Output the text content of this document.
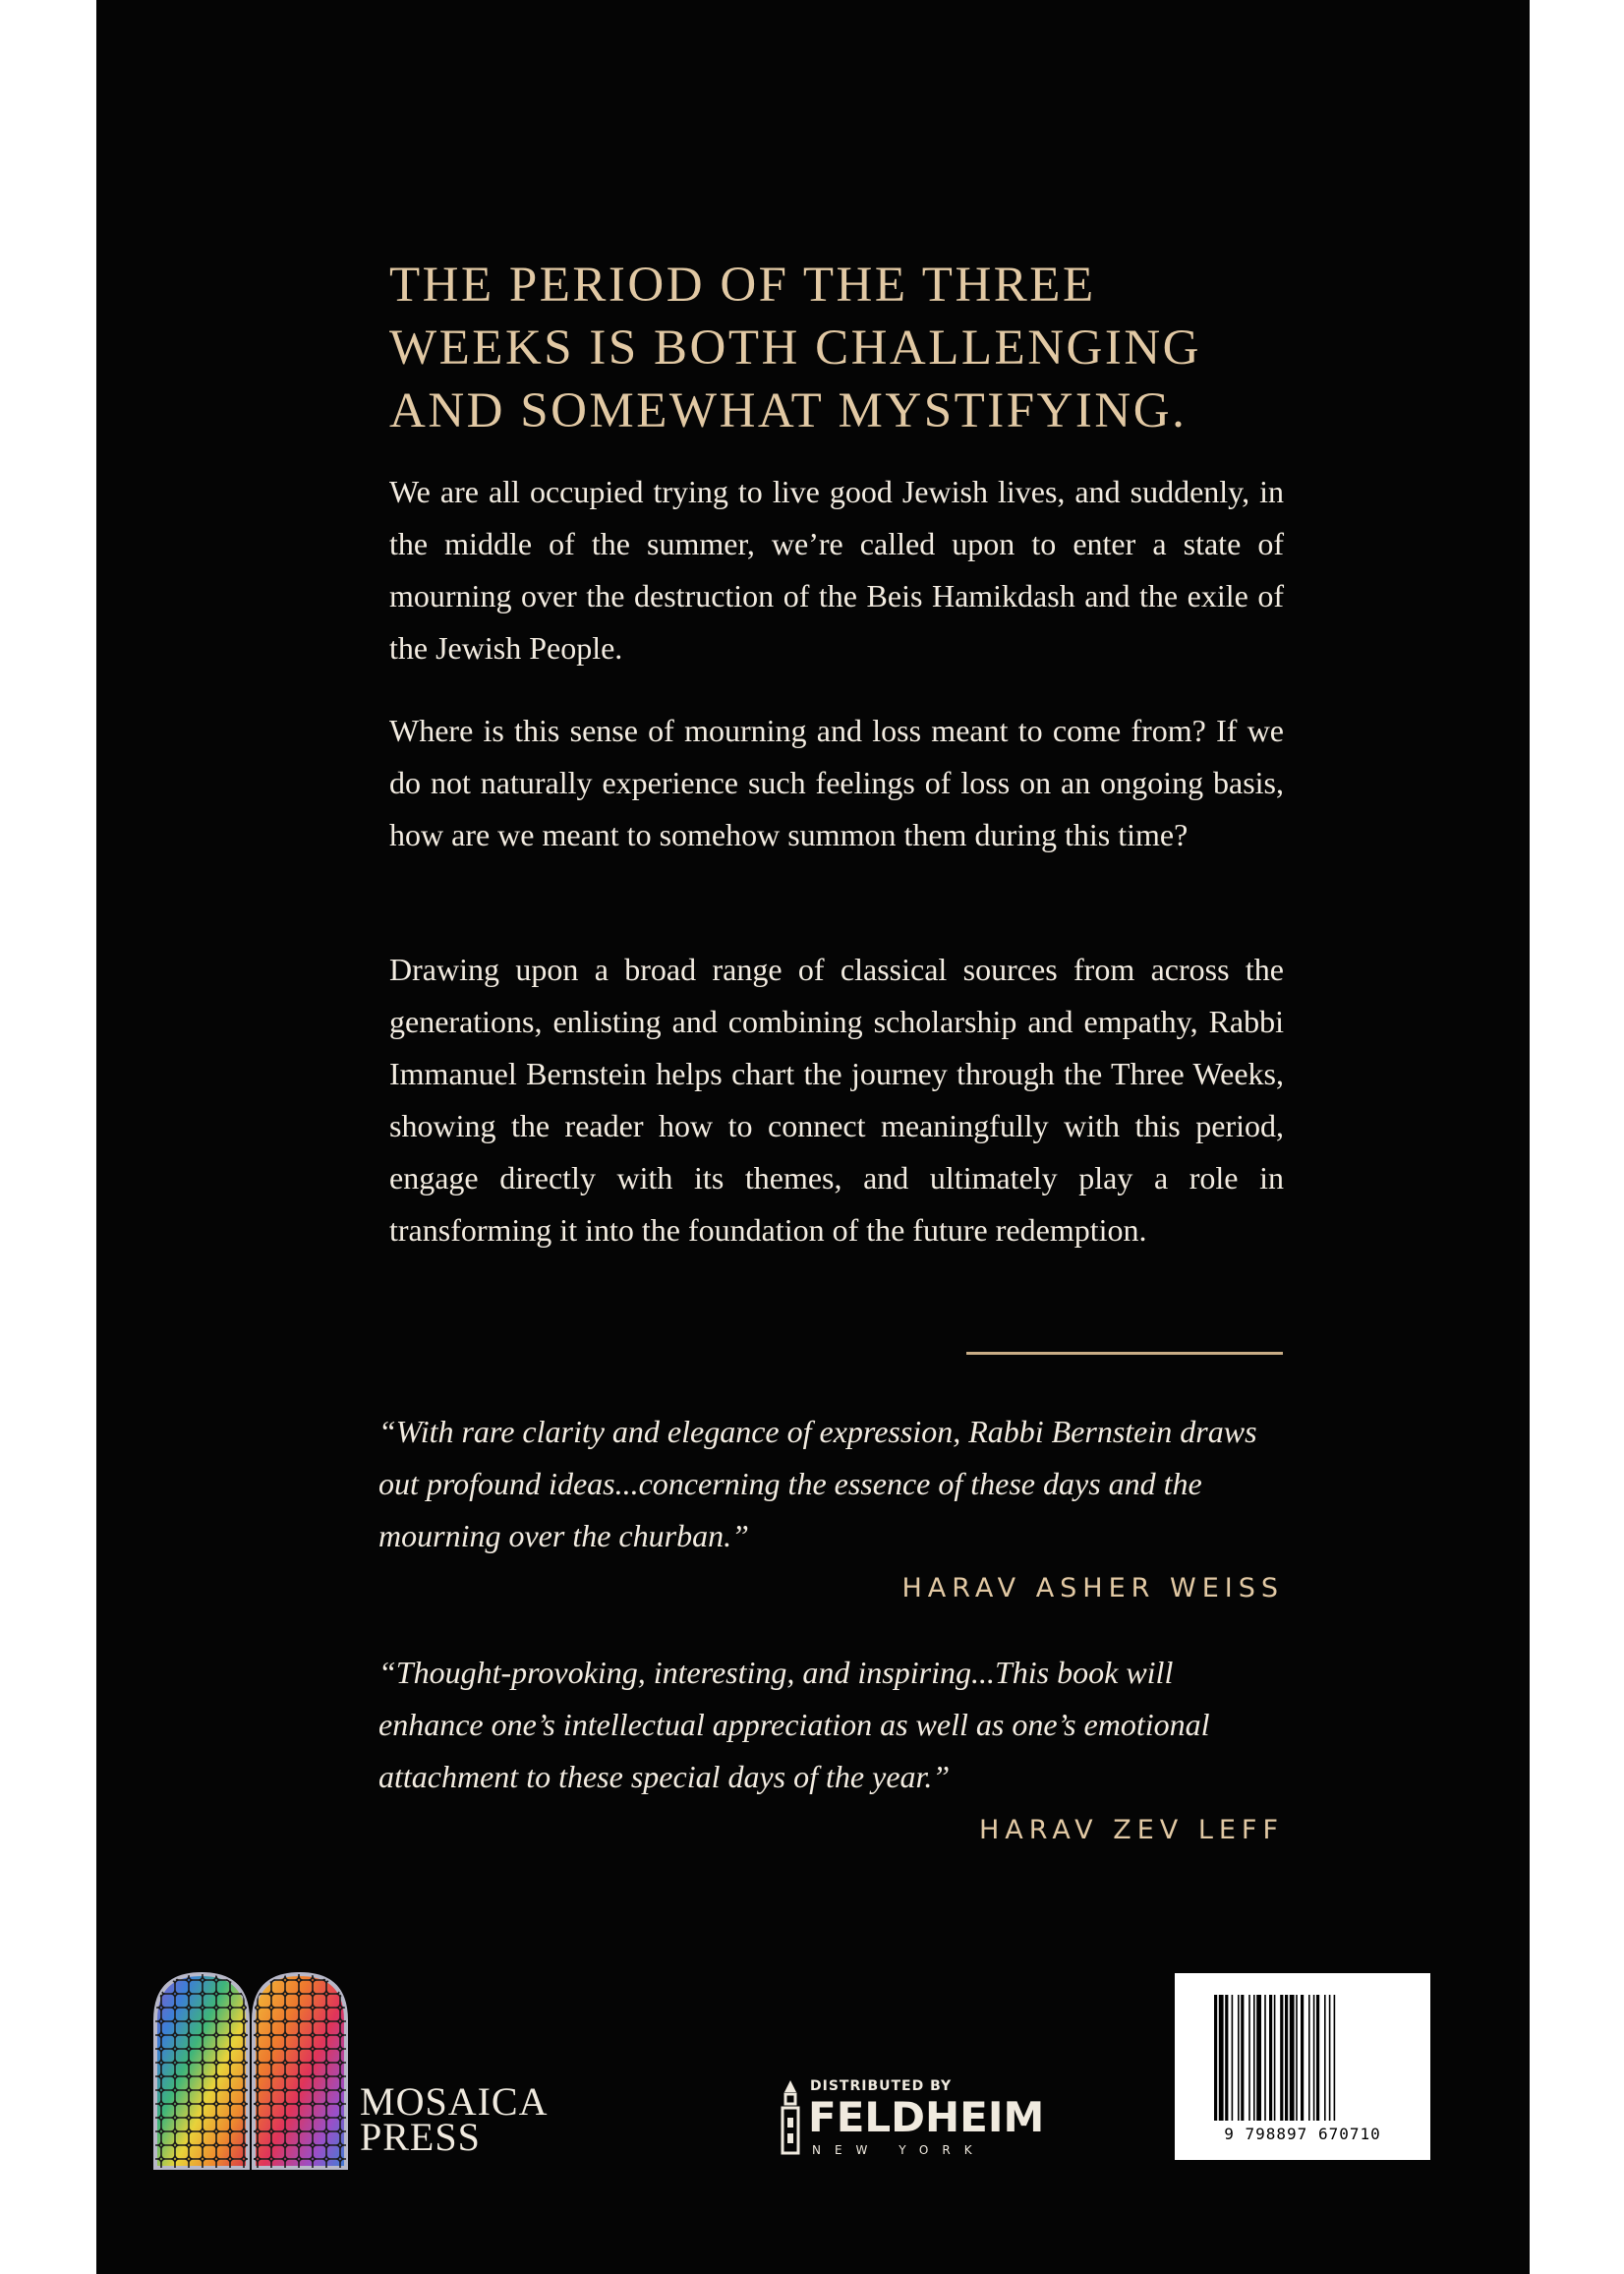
THE PERIOD OF THE THREE
WEEKS IS BOTH CHALLENGING
AND SOMEWHAT MYSTIFYING.

We are all occupied trying to live good Jewish lives, and suddenly, in the middle of the summer, we’re called upon to enter a state of mourning over the destruction of the Beis Hamikdash and the exile of the Jewish People.

Where is this sense of mourning and loss meant to come from? If we do not naturally experience such feelings of loss on an ongoing basis, how are we meant to somehow summon them during this time?

Drawing upon a broad range of classical sources from across the generations, enlisting and combining scholarship and empathy, Rabbi Immanuel Bernstein helps chart the journey through the Three Weeks, showing the reader how to connect meaningfully with this period, engage directly with its themes, and ultimately play a role in transforming it into the foundation of the future redemption.

“With rare clarity and elegance of expression, Rabbi Bernstein draws out profound ideas...concerning the essence of these days and the mourning over the churban.”

HARAV ASHER WEISS

“Thought-provoking, interesting, and inspiring...This book will enhance one’s intellectual appreciation as well as one’s emotional attachment to these special days of the year.”

HARAV ZEV LEFF

MOSAICA
PRESS

DISTRIBUTED BY

FELDHEIM

NEW YORK

9 798897 670710
